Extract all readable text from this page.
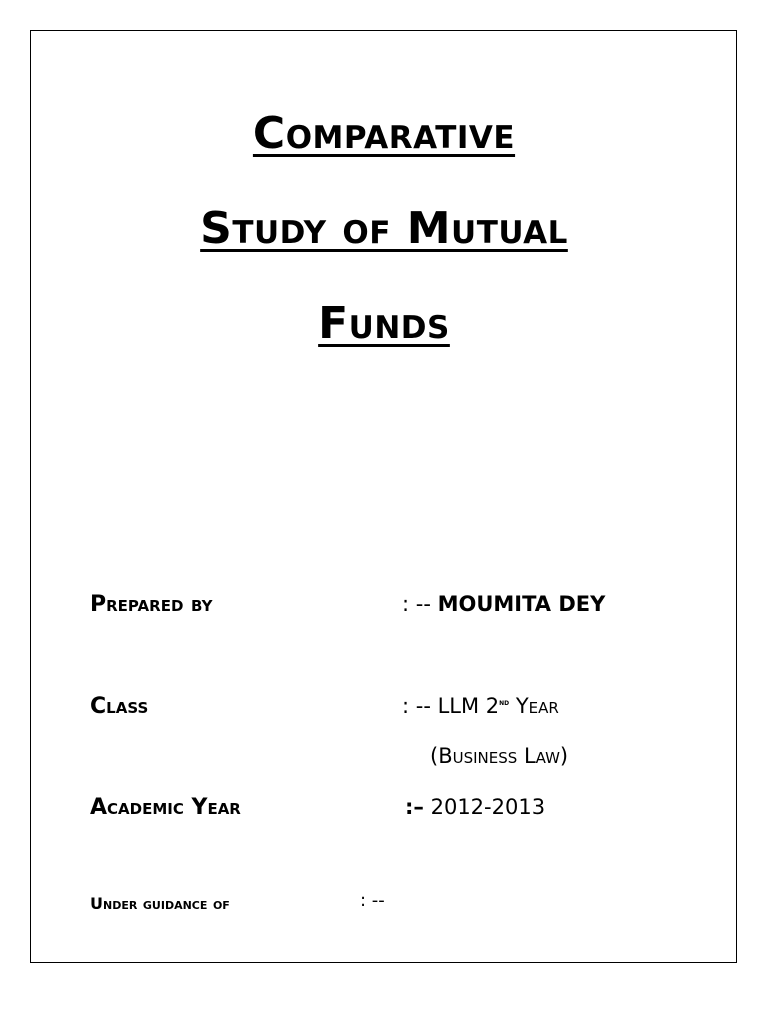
Comparative
Study of Mutual
Funds
Prepared by	: -- MOUMITA DEY
Class	: -- LLM 2nd Year
(Business Law)
Academic Year	:– 2012-2013
Under guidance of	: --
